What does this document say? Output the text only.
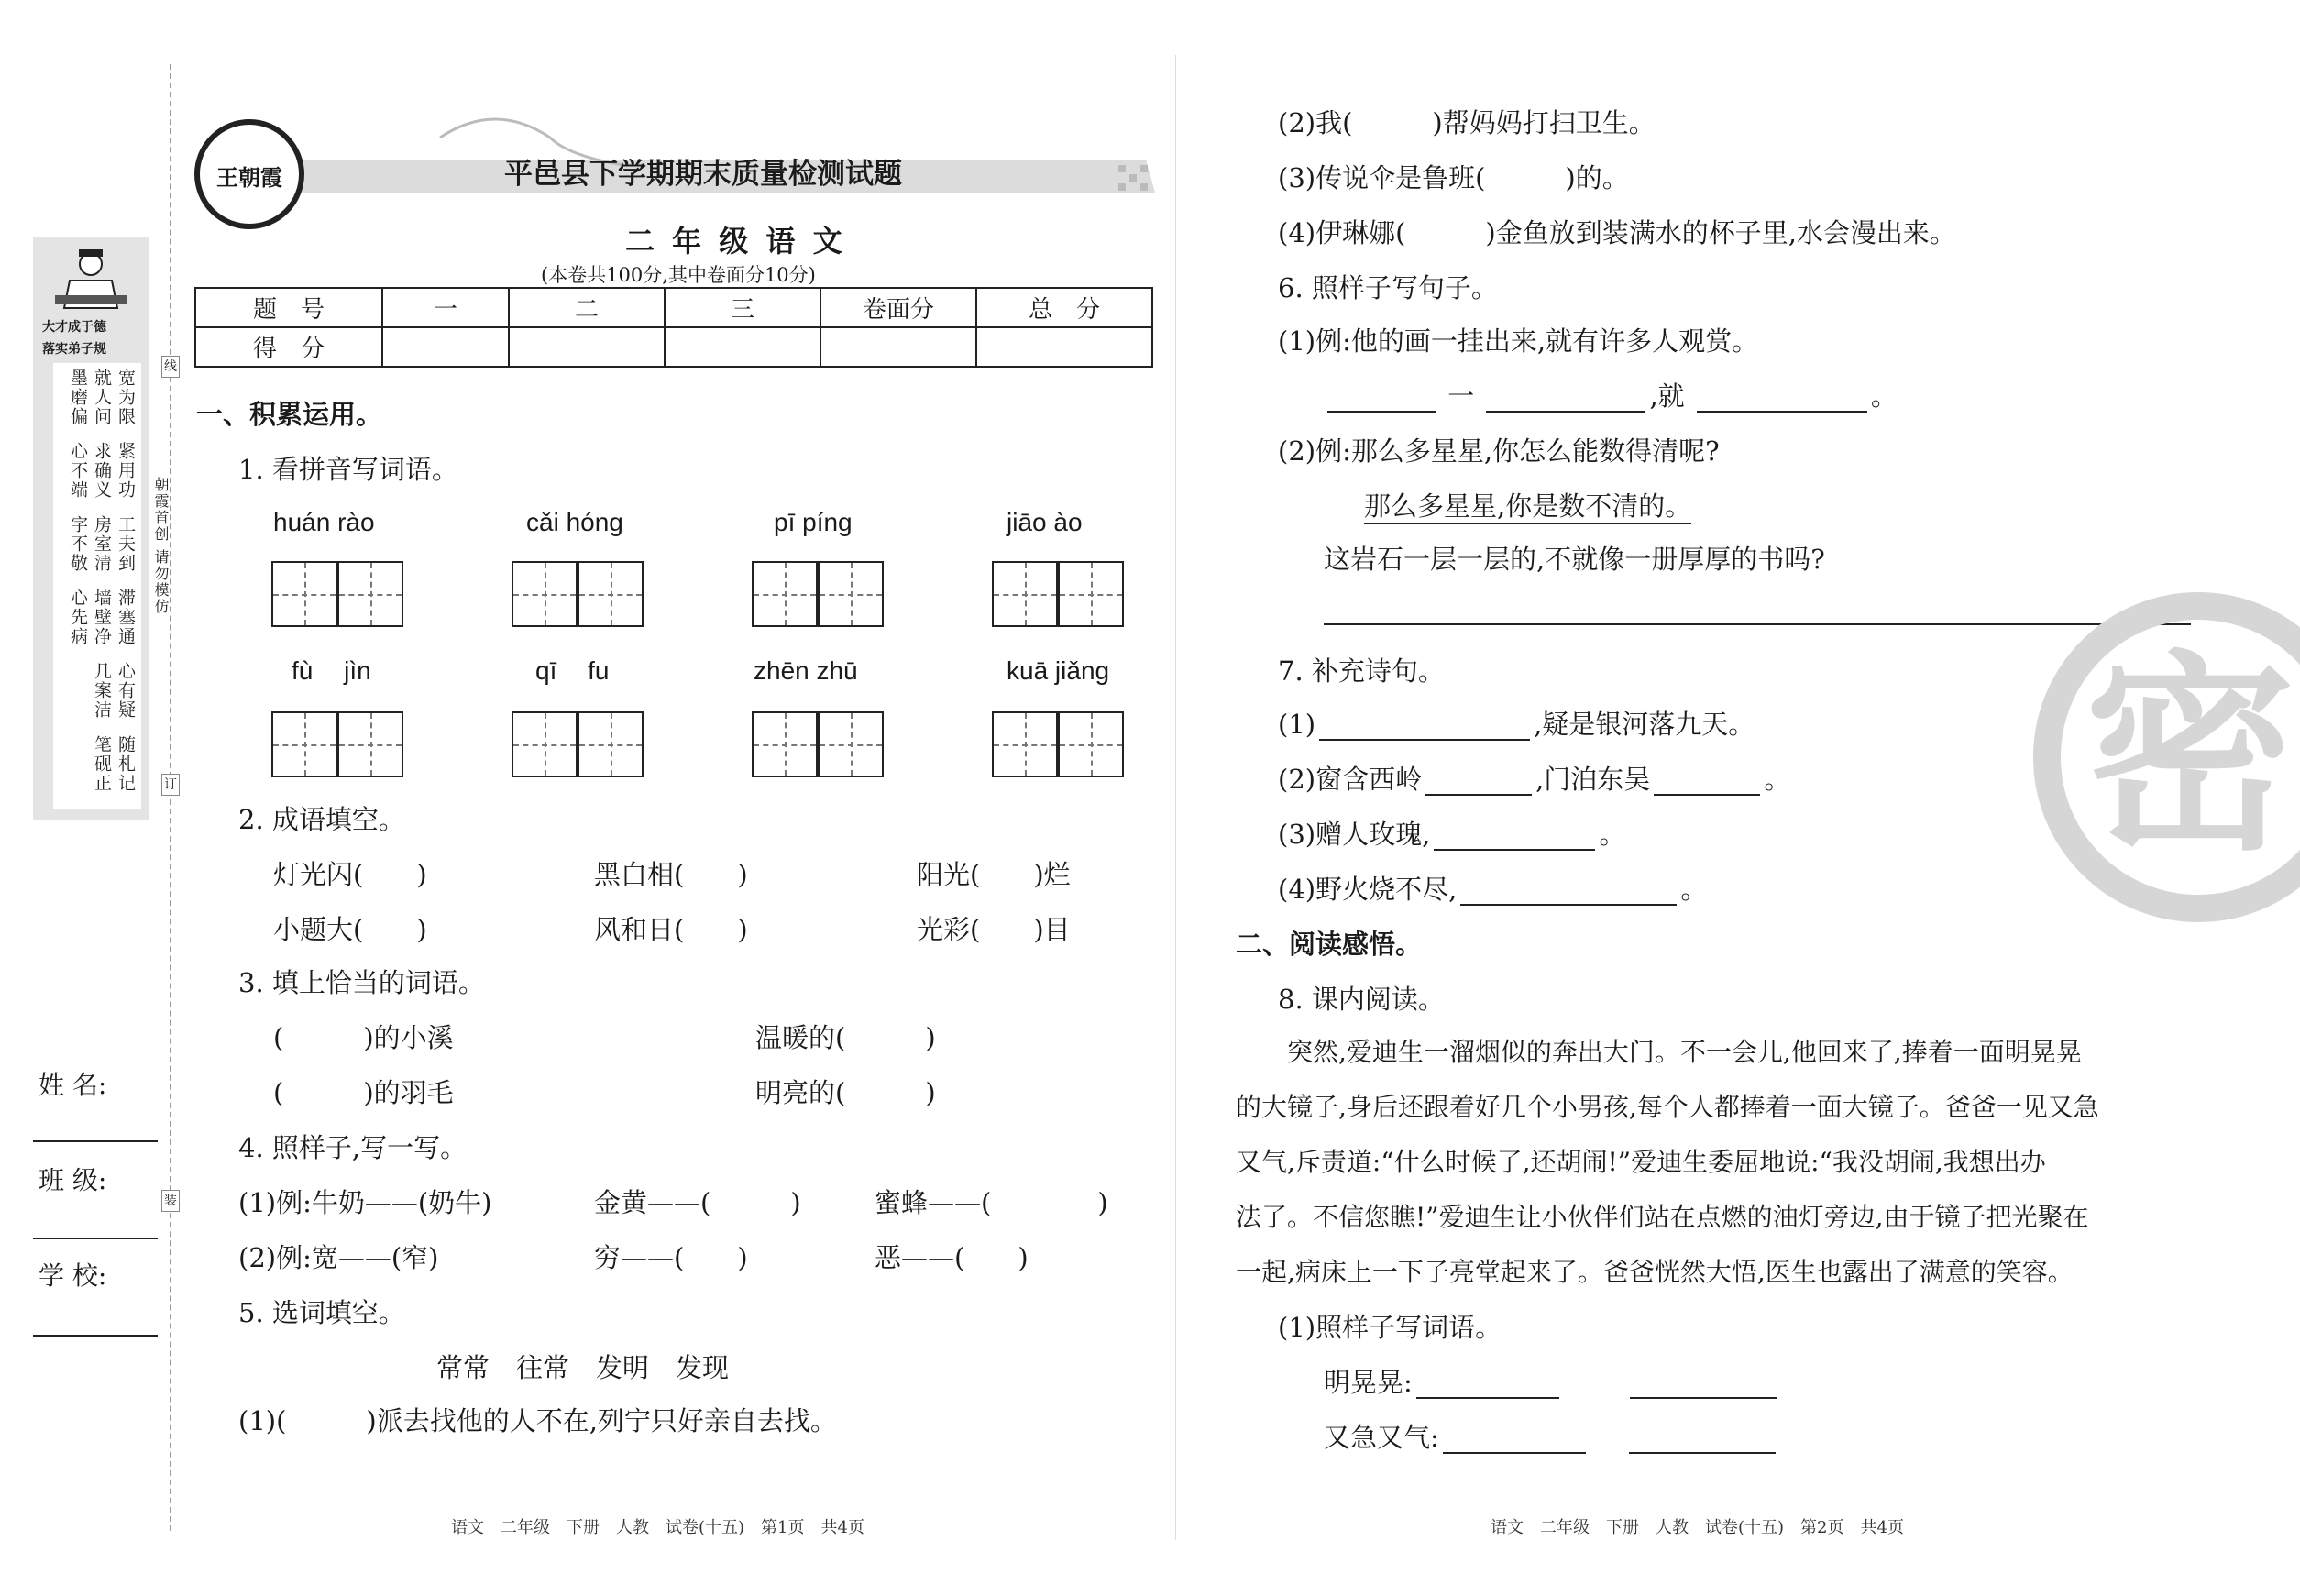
大才成于德
落实弟子规
宽为限
就人问
墨磨偏
紧用功
求确义
心不端
工夫到
房室清
字不敬
滞塞通
墙壁净
心先病
心有疑
几案洁
随札记
笔砚正
朝霞首创 请勿模仿
线
订
装
姓 名:
班 级:
学 校:
王朝霞	平邑县下学期期末质量检测试题
二 年 级 语 文
(本卷共100分,其中卷面分10分)
题　号	一	二	三	卷面分	总　分
得　分					
一、积累运用。
1. 看拼音写词语。
huán rào	cǎi hóng	pī píng	jiāo ào
fù jìn	qī fu	zhēn zhū	kuā jiǎng
2. 成语填空。
灯光闪(　　)	黑白相(　　)	阳光(　　)烂
小题大(　　)	风和日(　　)	光彩(　　)目
3. 填上恰当的词语。
(　　　)的小溪	温暖的(　　　)
(　　　)的羽毛	明亮的(　　　)
4. 照样子,写一写。
(1)例:牛奶——(奶牛)	金黄——(　　　)	蜜蜂——(　　　　)
(2)例:宽——(窄)	穷——(　　)	恶——(　　)
5. 选词填空。
常常　往常　发明　发现
(1)(　　　)派去找他的人不在,列宁只好亲自去找。
语文　二年级　下册　人教　试卷(十五)　第1页　共4页
(2)我(　　　)帮妈妈打扫卫生。
(3)传说伞是鲁班(　　　)的。
(4)伊琳娜(　　　)金鱼放到装满水的杯子里,水会漫出来。
6. 照样子写句子。
(1)例:他的画一挂出来,就有许多人观赏。
一	,就	。
(2)例:那么多星星,你怎么能数得清呢?
那么多星星,你是数不清的。
这岩石一层一层的,不就像一册厚厚的书吗?
7. 补充诗句。
(1)	,疑是银河落九天。
(2)窗含西岭	,门泊东吴	。
(3)赠人玫瑰,	。
(4)野火烧不尽,	。
二、阅读感悟。
8. 课内阅读。
　　突然,爱迪生一溜烟似的奔出大门。不一会儿,他回来了,捧着一面明晃晃
的大镜子,身后还跟着好几个小男孩,每个人都捧着一面大镜子。爸爸一见又急
又气,斥责道:“什么时候了,还胡闹!”爱迪生委屈地说:“我没胡闹,我想出办
法了。不信您瞧!”爱迪生让小伙伴们站在点燃的油灯旁边,由于镜子把光聚在
一起,病床上一下子亮堂起来了。爸爸恍然大悟,医生也露出了满意的笑容。
(1)照样子写词语。
明晃晃:
又急又气:
密
语文　二年级　下册　人教　试卷(十五)　第2页　共4页
